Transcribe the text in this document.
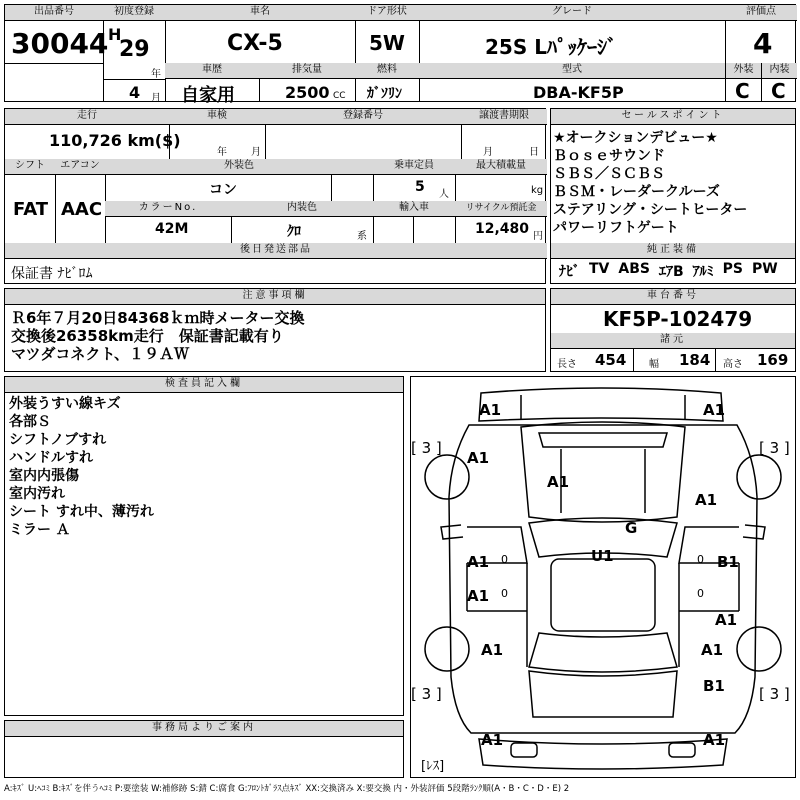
出品番号
30044
初度登録
H
29
年
4 月
車名
CX-5
ドア形状
5W
グレード
25S Lﾊﾟｯｹｰｼﾞ
評価点
4
車歴
自家用
排気量
2500 CC
燃料
ｶﾞｿﾘﾝ
型式
DBA-KF5P
外装	内装
C C
走行
110,726 km($)
車検
年 月
登録番号	譲渡書期限
月	日
シフト	エアコン
FAT AAC
外装色
コン
乗車定員
5 人
最大積載量
kg
カラーNo.
42M
内装色
ｸﾛ	系
輸入車	リサイクル預託金
12,480 円
後日発送部品
保証書 ﾅﾋﾞﾛﾑ
セールスポイント
★オークションデビュー★
Ｂｏｓｅサウンド
ＳＢＳ／ＳＣＢＳ
ＢＳＭ・レーダークルーズ
ステアリング・シートヒーター
パワーリフトゲート
純正装備
ﾅﾋﾞ TV ABS ｴｱB ｱﾙﾐ PS PW
注意事項欄
Ｒ6年７月20日84368ｋｍ時メーター交換
交換後26358km走行　保証書記載有り
マツダコネクト、１９ＡＷ
車台番号
KF5P-102479
諸元
長さ 454 幅 184 高さ 169
検査員記入欄
外装うすい線キズ
各部Ｓ
シフトノブすれ
ハンドルすれ
室内内張傷
室内汚れ
シート すれ中、薄汚れ
ミラー Ａ
事務局よりご案内
A1	A1
[ 3 ]	[ 3 ]
A1
A1
A1
G
U1
A1 0	0 B1
A1 0	0
A1
A1	A1
B1
[ 3 ]	[ 3 ]
A1	A1
[ﾚｽ]
A:ｷｽﾞ U:ﾍｺﾐ B:ｷｽﾞを伴うﾍｺﾐ P:要塗装 W:補修跡 S:錆 C:腐食 G:ﾌﾛﾝﾄｶﾞﾗｽ点ｷｽﾞ XX:交換済み X:要交換 内・外装評価 5段階ﾗﾝｸ順(A・B・C・D・E) 2
